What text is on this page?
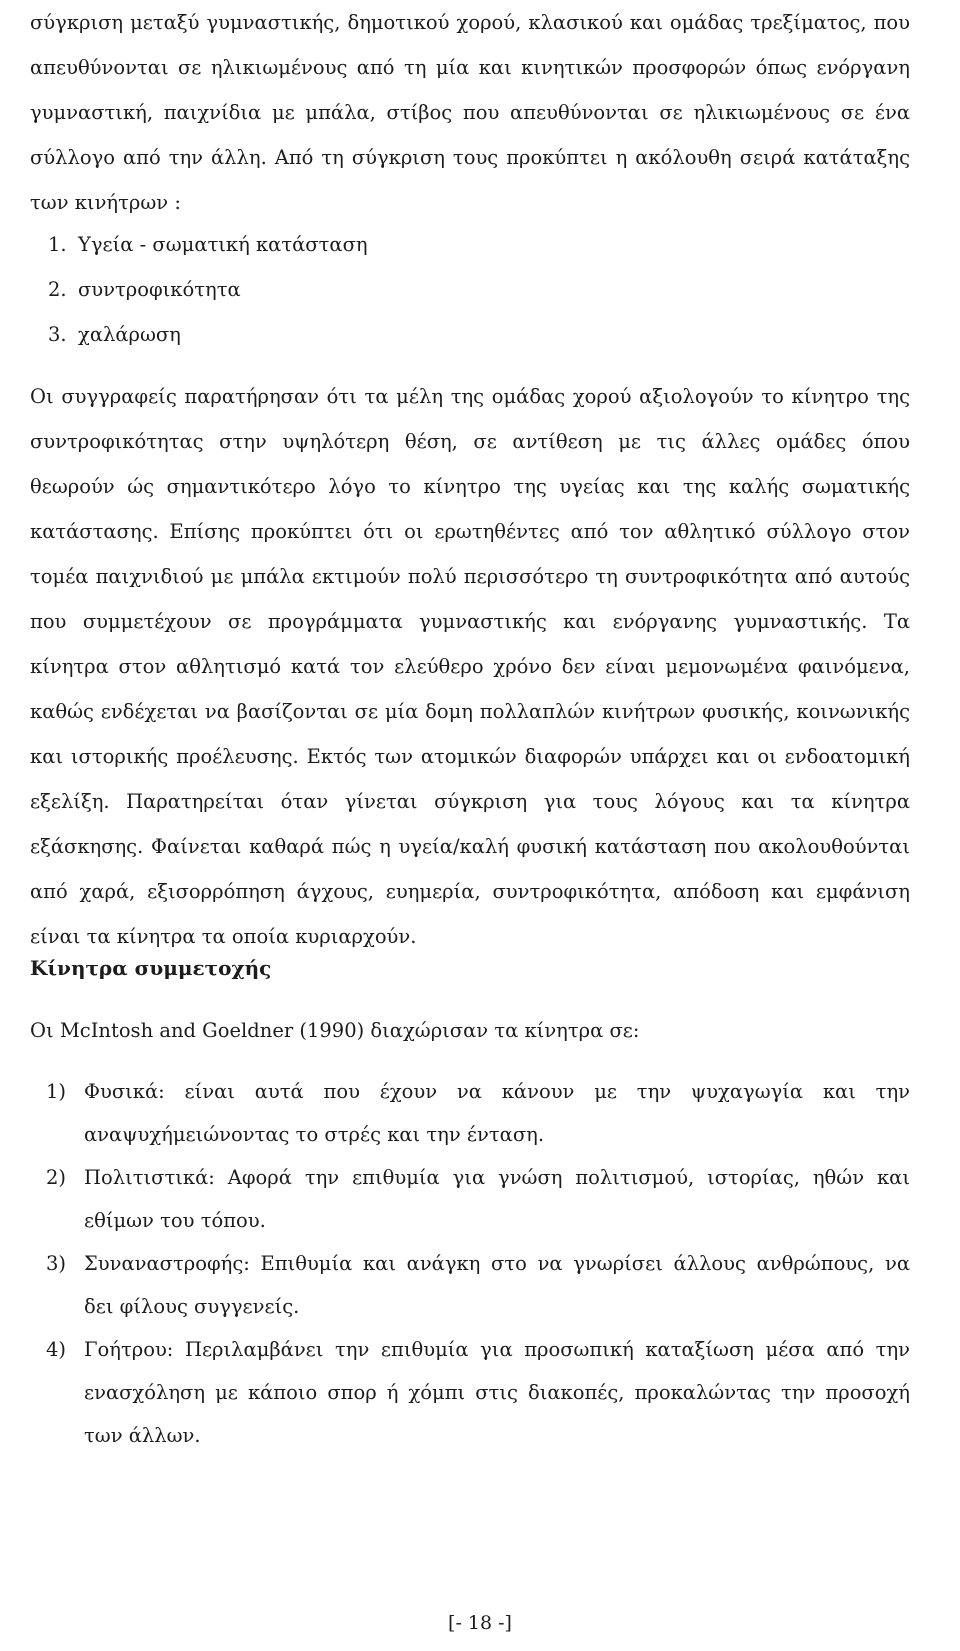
σύγκριση μεταξύ γυμναστικής, δημοτικού χορού, κλασικού και ομάδας τρεξίματος, που
απευθύνονται σε ηλικιωμένους από τη μία και κινητικών προσφορών όπως ενόργανη
γυμναστική, παιχνίδια με μπάλα, στίβος που απευθύνονται σε ηλικιωμένους σε ένα
σύλλογο από την άλλη. Από τη σύγκριση τους προκύπτει η ακόλουθη σειρά κατάταξης
των κινήτρων :
1. Υγεία - σωματική κατάσταση
2. συντροφικότητα
3. χαλάρωση
Οι συγγραφείς παρατήρησαν ότι τα μέλη της ομάδας χορού αξιολογούν το κίνητρο της
συντροφικότητας στην υψηλότερη θέση, σε αντίθεση με τις άλλες ομάδες όπου
θεωρούν ώς σημαντικότερο λόγο το κίνητρο της υγείας και της καλής σωματικής
κατάστασης. Επίσης προκύπτει ότι οι ερωτηθέντες από τον αθλητικό σύλλογο στον
τομέα παιχνιδιού με μπάλα εκτιμούν πολύ περισσότερο τη συντροφικότητα από αυτούς
που συμμετέχουν σε προγράμματα γυμναστικής και ενόργανης γυμναστικής. Τα
κίνητρα στον αθλητισμό κατά τον ελεύθερο χρόνο δεν είναι μεμονωμένα φαινόμενα,
καθώς ενδέχεται να βασίζονται σε μία δομη πολλαπλών κινήτρων φυσικής, κοινωνικής
και ιστορικής προέλευσης. Εκτός των ατομικών διαφορών υπάρχει και οι ενδοατομική
εξελίξη. Παρατηρείται όταν γίνεται σύγκριση για τους λόγους και τα κίνητρα
εξάσκησης. Φαίνεται καθαρά πώς η υγεία/καλή φυσική κατάσταση που ακολουθούνται
από χαρά, εξισορρόπηση άγχους, ευημερία, συντροφικότητα, απόδοση και εμφάνιση
είναι τα κίνητρα τα οποία κυριαρχούν.
Κίνητρα συμμετοχής

Οι McIntosh and Goeldner (1990) διαχώρισαν τα κίνητρα σε:

1) Φυσικά: είναι αυτά που έχουν να κάνουν με την ψυχαγωγία και την
αναψυχήμειώνοντας το στρές και την ένταση.
2) Πολιτιστικά: Αφορά την επιθυμία για γνώση πολιτισμού, ιστορίας, ηθών και
εθίμων του τόπου.
3) Συναναστροφής: Επιθυμία και ανάγκη στο να γνωρίσει άλλους ανθρώπους, να
δει φίλους συγγενείς.
4) Γοήτρου: Περιλαμβάνει την επιθυμία για προσωπική καταξίωση μέσα από την
ενασχόληση με κάποιο σπορ ή χόμπι στις διακοπές, προκαλώντας την προσοχή
των άλλων.
[- 18 -]
